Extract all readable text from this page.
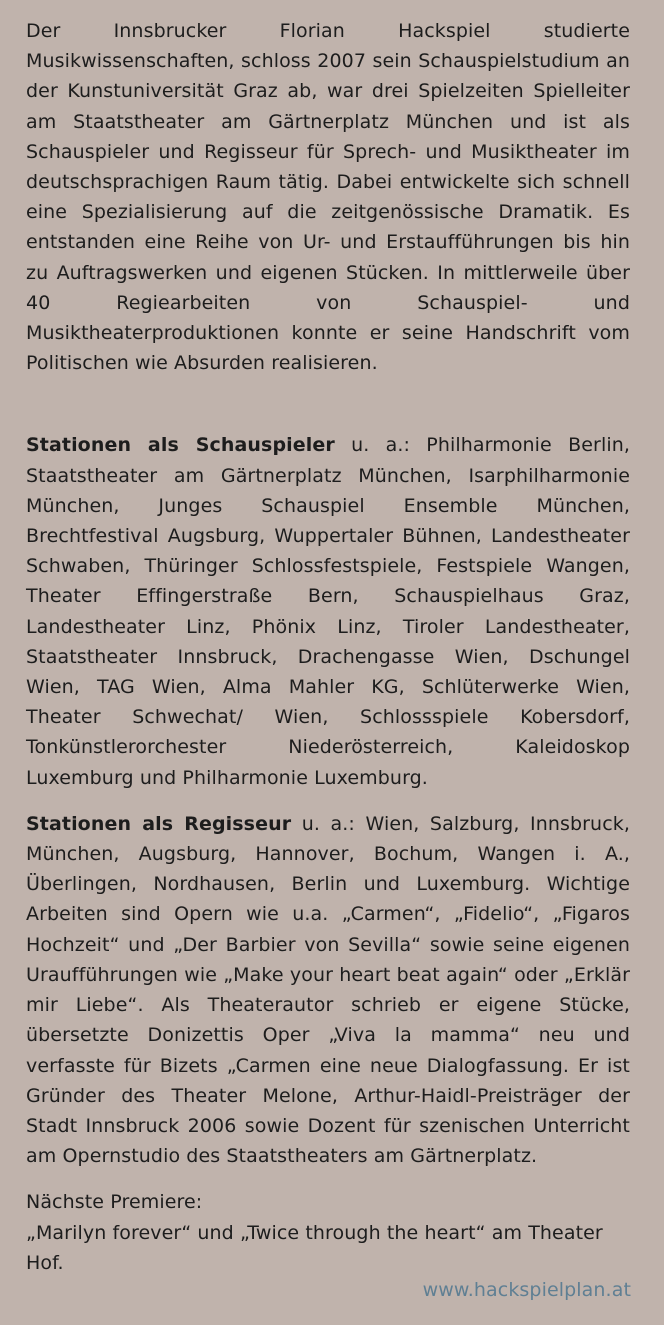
Der Innsbrucker Florian Hackspiel studierte Musikwissenschaften, schloss 2007 sein Schauspielstudium an der Kunstuniversität Graz ab, war drei Spielzeiten Spielleiter am Staatstheater am Gärtnerplatz München und ist als Schauspieler und Regisseur für Sprech- und Musiktheater im deutschsprachigen Raum tätig. Dabei entwickelte sich schnell eine Spezialisierung auf die zeitgenössische Dramatik. Es entstanden eine Reihe von Ur- und Erstaufführungen bis hin zu Auftragswerken und eigenen Stücken. In mittlerweile über 40 Regiearbeiten von Schauspiel- und Musiktheaterproduktionen konnte er seine Handschrift vom Politischen wie Absurden realisieren.

Stationen als Schauspieler u. a.: Philharmonie Berlin, Staatstheater am Gärtnerplatz München, Isarphilharmonie München, Junges Schauspiel Ensemble München, Brechtfestival Augsburg, Wuppertaler Bühnen, Landestheater Schwaben, Thüringer Schlossfestspiele, Festspiele Wangen, Theater Effingerstraße Bern, Schauspielhaus Graz, Landestheater Linz, Phönix Linz, Tiroler Landestheater, Staatstheater Innsbruck, Drachengasse Wien, Dschungel Wien, TAG Wien, Alma Mahler KG, Schlüterwerke Wien, Theater Schwechat/ Wien, Schlossspiele Kobersdorf, Tonkünstlerorchester Niederösterreich, Kaleidoskop Luxemburg und Philharmonie Luxemburg.

Stationen als Regisseur u. a.: Wien, Salzburg, Innsbruck, München, Augsburg, Hannover, Bochum, Wangen i. A., Überlingen, Nordhausen, Berlin und Luxemburg. Wichtige Arbeiten sind Opern wie u.a. „Carmen“, „Fidelio“, „Figaros Hochzeit“ und „Der Barbier von Sevilla“ sowie seine eigenen Uraufführungen wie „Make your heart beat again“ oder „Erklär mir Liebe“. Als Theaterautor schrieb er eigene Stücke, übersetzte Donizettis Oper „Viva la mamma“ neu und verfasste für Bizets „Carmen eine neue Dialogfassung. Er ist Gründer des Theater Melone, Arthur-Haidl-Preisträger der Stadt Innsbruck 2006 sowie Dozent für szenischen Unterricht am Opernstudio des Staatstheaters am Gärtnerplatz.

Nächste Premiere:

„Marilyn forever“ und „Twice through the heart“ am Theater Hof.

www.hackspielplan.at
